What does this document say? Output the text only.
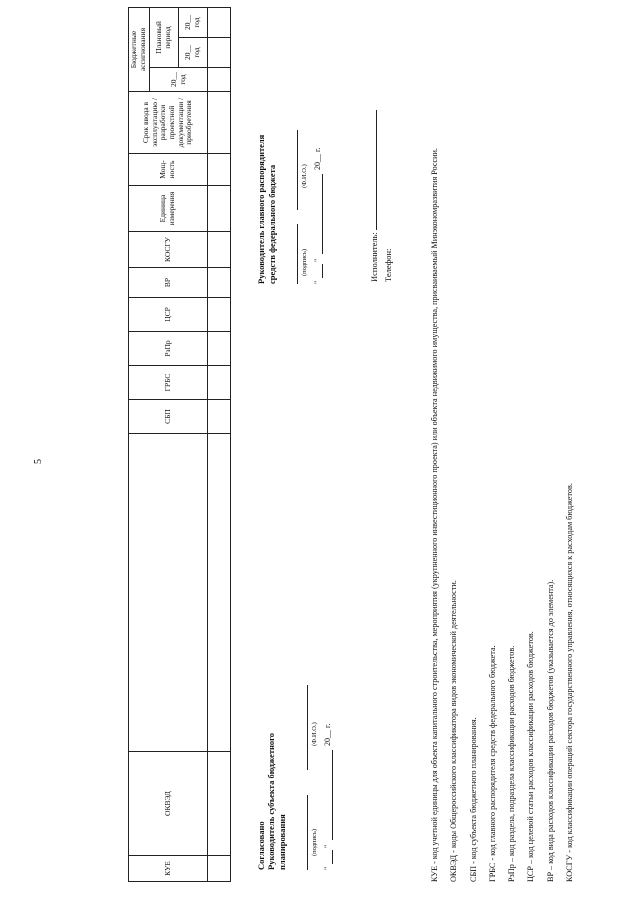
5
КУЕ	ОКВЭД		СБП	ГРБС	РзПр	ЦСР	ВР	КОСГУ	Единица измерения	Мощ-ность	Срок ввода в эксплуатацию / разработки проектной документации / приобретения	Бюджетные ассигнования		
												20__ год	Плановый период	
													20__ год	20__ год

Согласовано Руководитель субъекта бюджетного планирования	(подпись)
(Ф.И.О.)
"
"
20__ г.
Руководитель главного распорядителя средств федерального бюджета	(подпись)
(Ф.И.О.)
"
"
20__ г.
Исполнитель: Телефон:	КУЕ - код учетной единицы для объекта капитального строительства, мероприятия (укрупненного инвестиционного проекта) или объекта недвижимого имущества, присваиваемый Минэкономразвития России. ОКВЭД - коды Общероссийского классификатора видов экономической деятельности. СБП - код субъекта бюджетного планирования. ГРБС - код главного распорядителя средств федерального бюджета. РзПр – код раздела, подраздела классификации расходов бюджетов. ЦСР – код целевой статьи расходов классификации расходов бюджетов. ВР – код вида расходов классификации расходов бюджетов (указывается до элемента). КОСГУ - код классификации операций сектора государственного управления, относящихся к расходам бюджетов.
